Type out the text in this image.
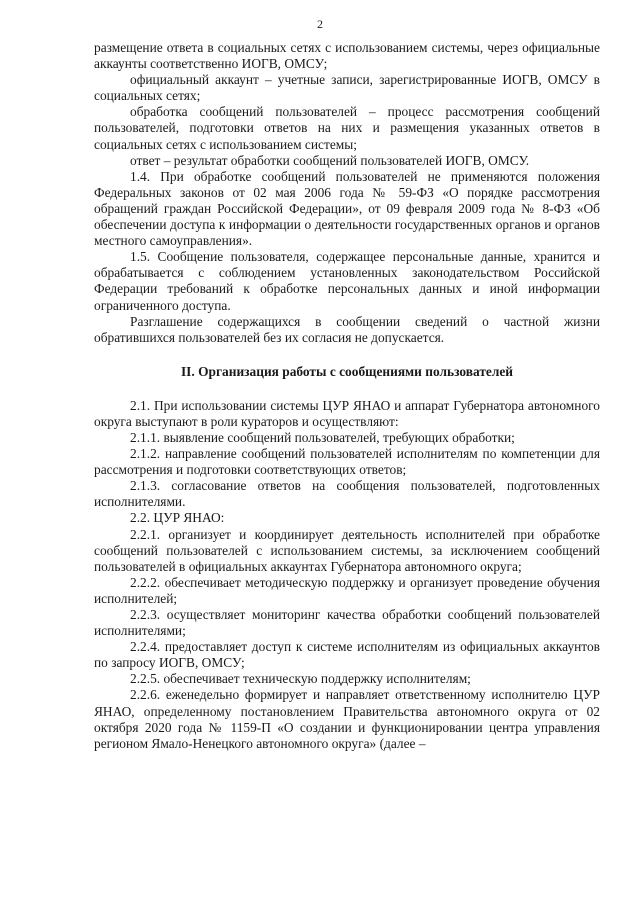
2

размещение ответа в социальных сетях с использованием системы, через официальные аккаунты соответственно ИОГВ, ОМСУ;

официальный аккаунт – учетные записи, зарегистрированные ИОГВ, ОМСУ в социальных сетях;

обработка сообщений пользователей – процесс рассмотрения сообщений пользователей, подготовки ответов на них и размещения указанных ответов в социальных сетях с использованием системы;

ответ – результат обработки сообщений пользователей ИОГВ, ОМСУ.

1.4. При обработке сообщений пользователей не применяются положения Федеральных законов от 02 мая 2006 года № 59-ФЗ «О порядке рассмотрения обращений граждан Российской Федерации», от 09 февраля 2009 года № 8-ФЗ «Об обеспечении доступа к информации о деятельности государственных органов и органов местного самоуправления».

1.5. Сообщение пользователя, содержащее персональные данные, хранится и обрабатывается с соблюдением установленных законодательством Российской Федерации требований к обработке персональных данных и иной информации ограниченного доступа.

Разглашение содержащихся в сообщении сведений о частной жизни обратившихся пользователей без их согласия не допускается.

II. Организация работы с сообщениями пользователей

2.1. При использовании системы ЦУР ЯНАО и аппарат Губернатора автономного округа выступают в роли кураторов и осуществляют:

2.1.1. выявление сообщений пользователей, требующих обработки;

2.1.2. направление сообщений пользователей исполнителям по компетенции для рассмотрения и подготовки соответствующих ответов;

2.1.3. согласование ответов на сообщения пользователей, подготовленных исполнителями.

2.2. ЦУР ЯНАО:

2.2.1. организует и координирует деятельность исполнителей при обработке сообщений пользователей с использованием системы, за исключением сообщений пользователей в официальных аккаунтах Губернатора автономного округа;

2.2.2. обеспечивает методическую поддержку и организует проведение обучения исполнителей;

2.2.3. осуществляет мониторинг качества обработки сообщений пользователей исполнителями;

2.2.4. предоставляет доступ к системе исполнителям из официальных аккаунтов по запросу ИОГВ, ОМСУ;

2.2.5. обеспечивает техническую поддержку исполнителям;

2.2.6. еженедельно формирует и направляет ответственному исполнителю ЦУР ЯНАО, определенному постановлением Правительства автономного округа от 02 октября 2020 года № 1159-П «О создании и функционировании центра управления регионом Ямало-Ненецкого автономного округа» (далее –
